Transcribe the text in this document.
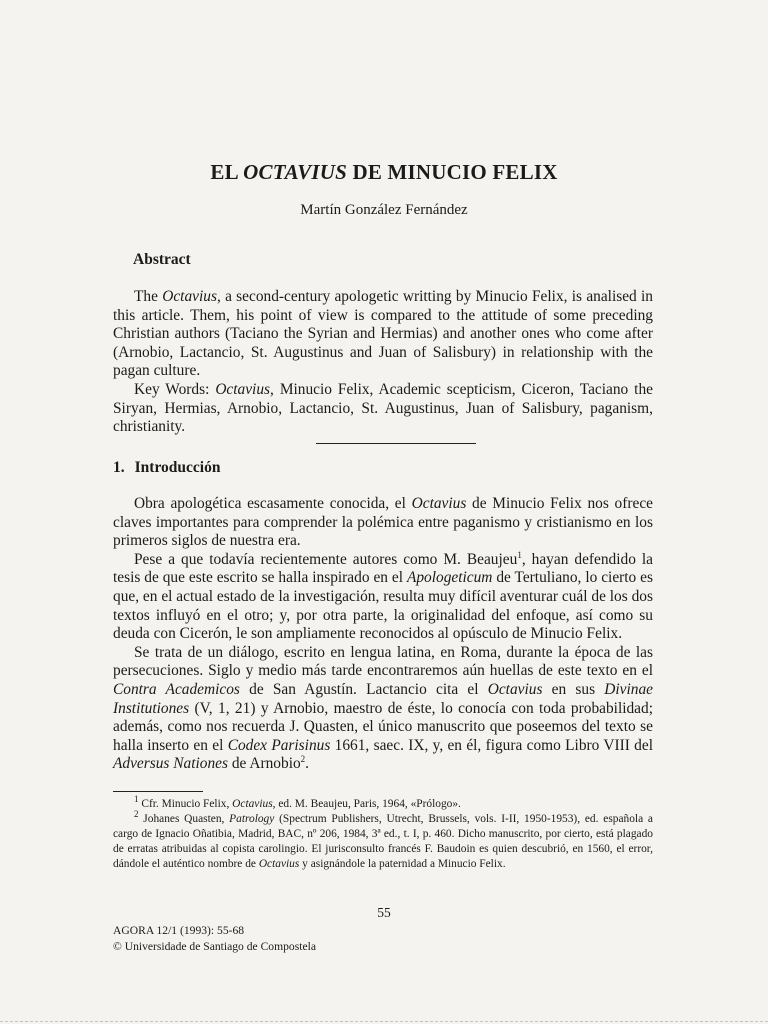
EL OCTAVIUS DE MINUCIO FELIX
Martín González Fernández
Abstract

The Octavius, a second-century apologetic writting by Minucio Felix, is analised in this article. Them, his point of view is compared to the attitude of some preceding Christian authors (Taciano the Syrian and Hermias) and another ones who come after (Arnobio, Lactancio, St. Augustinus and Juan of Salisbury) in relationship with the pagan culture.

Key Words: Octavius, Minucio Felix, Academic scepticism, Ciceron, Taciano the Siryan, Hermias, Arnobio, Lactancio, St. Augustinus, Juan of Salisbury, paganism, christianity.

1. Introducción

Obra apologética escasamente conocida, el Octavius de Minucio Felix nos ofrece claves importantes para comprender la polémica entre paganismo y cristianismo en los primeros siglos de nuestra era.

Pese a que todavía recientemente autores como M. Beaujeu$^1$, hayan defendido la tesis de que este escrito se halla inspirado en el Apologeticum de Tertuliano, lo cierto es que, en el actual estado de la investigación, resulta muy difícil aventurar cuál de los dos textos influyó en el otro; y, por otra parte, la originalidad del enfoque, así como su deuda con Cicerón, le son ampliamente reconocidos al opúsculo de Minucio Felix.

Se trata de un diálogo, escrito en lengua latina, en Roma, durante la época de las persecuciones. Siglo y medio más tarde encontraremos aún huellas de este texto en el Contra Academicos de San Agustín. Lactancio cita el Octavius en sus Divinae Institutiones (V, 1, 21) y Arnobio, maestro de éste, lo conocía con toda probabilidad; además, como nos recuerda J. Quasten, el único manuscrito que poseemos del texto se halla inserto en el Codex Parisinus 1661, saec. IX, y, en él, figura como Libro VIII del Adversus Nationes de Arnobio$^2$.

$^1$ Cfr. Minucio Felix, Octavius, ed. M. Beaujeu, Paris, 1964, «Prólogo».

$^2$ Johanes Quasten, Patrology (Spectrum Publishers, Utrecht, Brussels, vols. I-II, 1950-1953), ed. española a cargo de Ignacio Oñatibia, Madrid, BAC, nº 206, 1984, 3ª ed., t. I, p. 460. Dicho manuscrito, por cierto, está plagado de erratas atribuidas al copista carolingio. El jurisconsulto francés F. Baudoin es quien descubrió, en 1560, el error, dándole el auténtico nombre de Octavius y asignándole la paternidad a Minucio Felix.

55
AGORA 12/1 (1993): 55-68
© Universidade de Santiago de Compostela
